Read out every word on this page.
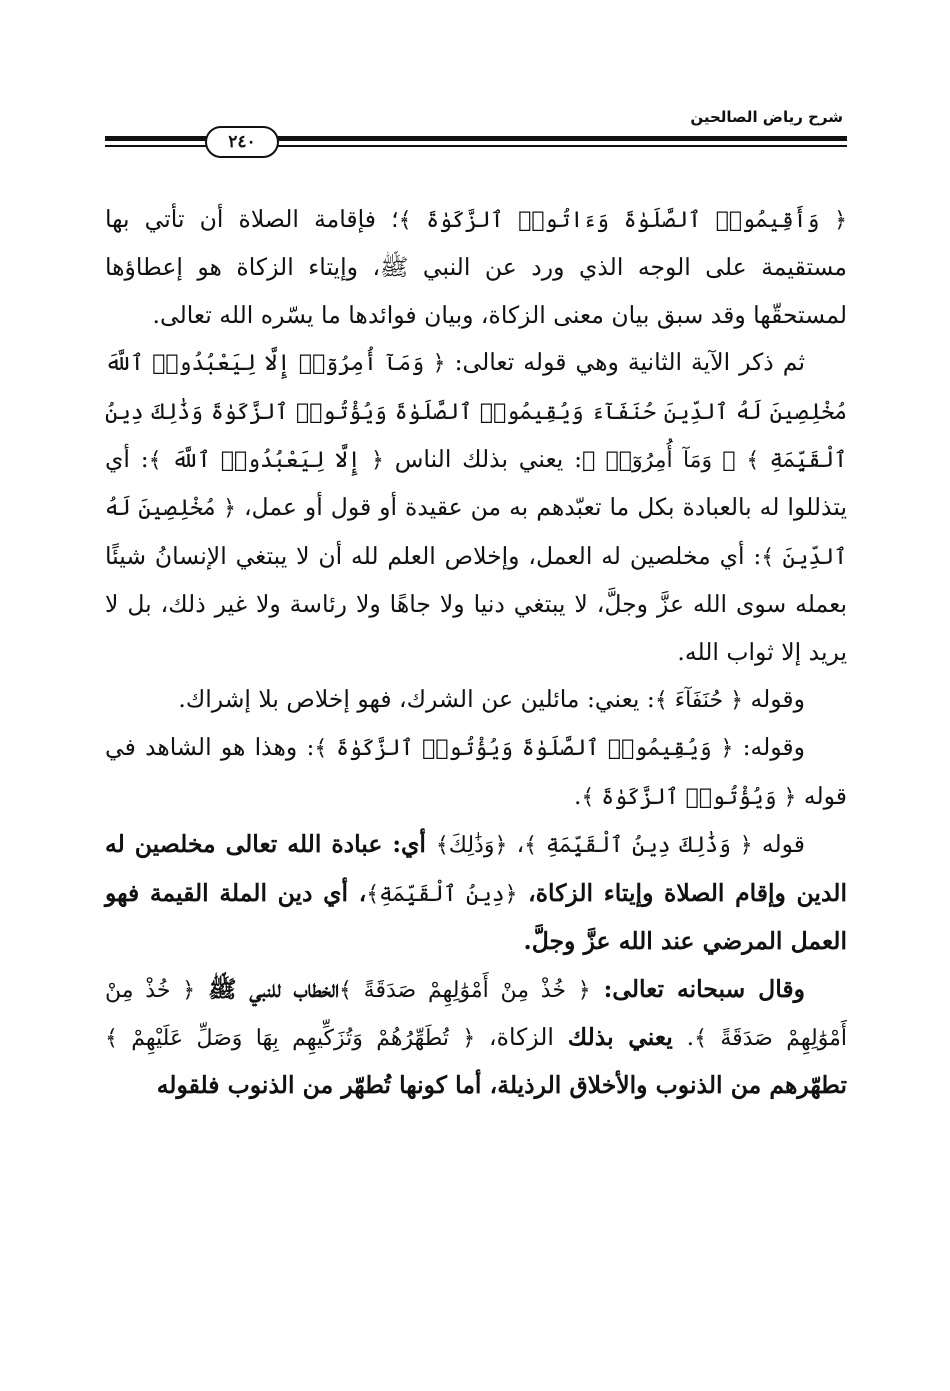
شرح رياض الصالحين
٢٤٠

﴿ وَأَقِيمُوا۟ ٱلصَّلَوٰةَ وَءَاتُوا۟ ٱلزَّكَوٰةَ ﴾؛ فإقامة الصلاة أن تأتي بها مستقيمة على الوجه الذي ورد عن النبي ﷺ، وإيتاء الزكاة هو إعطاؤها لمستحقّها وقد سبق بيان معنى الزكاة، وبيان فوائدها ما يسّره الله تعالى.

ثم ذكر الآية الثانية وهي قوله تعالى: ﴿ وَمَآ أُمِرُوٓا۟ إِلَّا لِيَعْبُدُوا۟ ٱللَّهَ مُخْلِصِينَ لَهُ ٱلدِّينَ حُنَفَآءَ وَيُقِيمُوا۟ ٱلصَّلَوٰةَ وَيُؤْتُوا۟ ٱلزَّكَوٰةَ وَذَٰلِكَ دِينُ ٱلْقَيِّمَةِ ﴾ ﴿ وَمَآ أُمِرُوٓا۟ ﴾: يعني بذلك الناس ﴿ إِلَّا لِيَعْبُدُوا۟ ٱللَّهَ ﴾: أي يتذللوا له بالعبادة بكل ما تعبّدهم به من عقيدة أو قول أو عمل، ﴿ مُخْلِصِينَ لَهُ ٱلدِّينَ ﴾: أي مخلصين له العمل، وإخلاص العلم لله أن لا يبتغي الإنسانُ شيئًا بعمله سوى الله عزَّ وجلَّ، لا يبتغي دنيا ولا جاهًا ولا رئاسة ولا غير ذلك، بل لا يريد إلا ثواب الله.

وقوله ﴿ حُنَفَآءَ ﴾: يعني: مائلين عن الشرك، فهو إخلاص بلا إشراك.

وقوله: ﴿ وَيُقِيمُوا۟ ٱلصَّلَوٰةَ وَيُؤْتُوا۟ ٱلزَّكَوٰةَ ﴾: وهذا هو الشاهد في قوله ﴿ وَيُؤْتُوا۟ ٱلزَّكَوٰةَ ﴾.

قوله ﴿ وَذَٰلِكَ دِينُ ٱلْقَيِّمَةِ ﴾، ﴿وَذَٰلِكَ﴾ أي: عبادة الله تعالى مخلصين له الدين وإقام الصلاة وإيتاء الزكاة، ﴿دِينُ ٱلْقَيِّمَةِ﴾، أي دين الملة القيمة فهو العمل المرضي عند الله عزَّ وجلَّ.

وقال سبحانه تعالى: ﴿ خُذْ مِنْ أَمْوَٰلِهِمْ صَدَقَةً ﴾الخطاب للنبي ﷺ ﴿ خُذْ مِنْ أَمْوَٰلِهِمْ صَدَقَةً ﴾. يعني بذلك الزكاة، ﴿ تُطَهِّرُهُمْ وَتُزَكِّيهِم بِهَا وَصَلِّ عَلَيْهِمْ ﴾ تطهّرهم من الذنوب والأخلاق الرذيلة، أما كونها تُطهّر من الذنوب فلقوله
